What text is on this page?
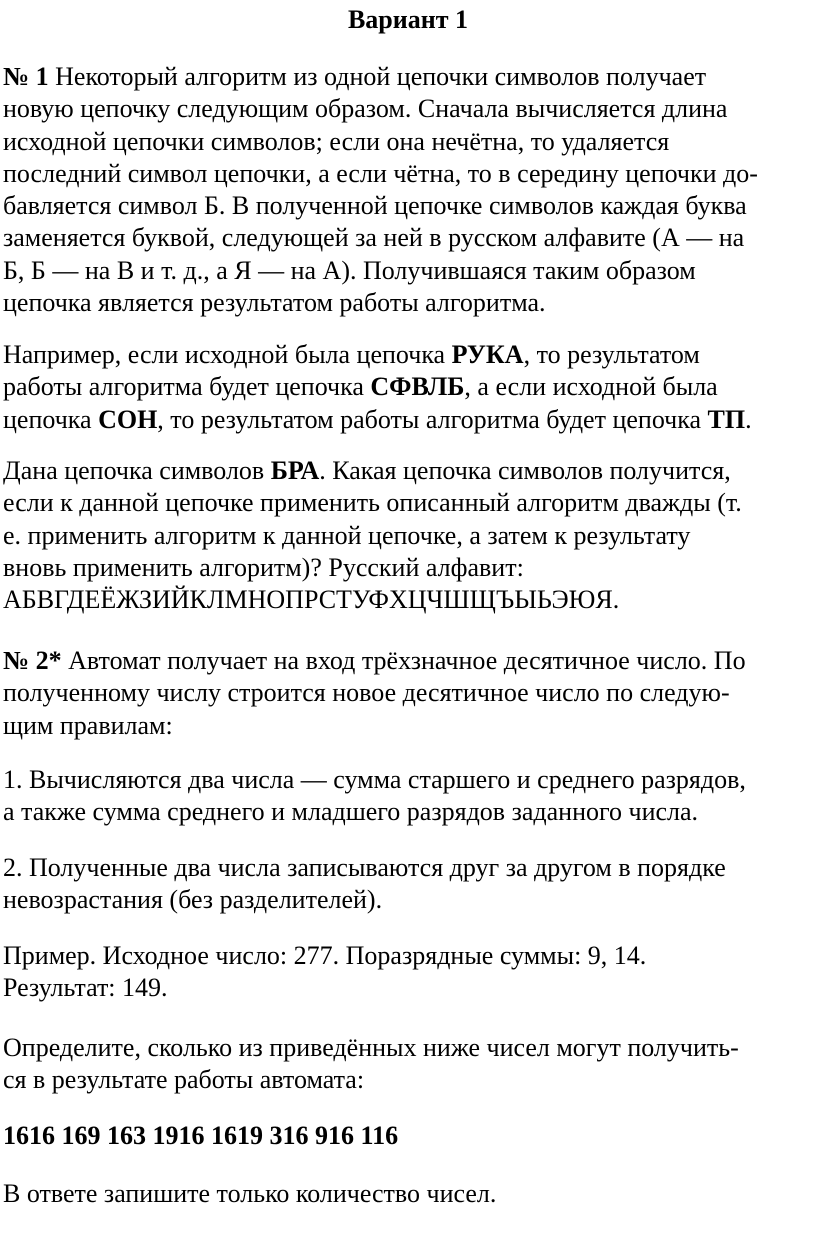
Вариант 1

№ 1 Некоторый алгоритм из одной цепочки символов получает
новую цепочку следующим образом. Сначала вычисляется длина
исходной цепочки символов; если она нечётна, то удаляется
последний символ цепочки, а если чётна, то в середину цепочки до-
бавляется символ Б. В полученной цепочке символов каждая буква
заменяется буквой, следующей за ней в русском алфавите (А — на
Б, Б — на В и т. д., а Я — на А). Получившаяся таким образом
цепочка является результатом работы алгоритма.

Например, если исходной была цепочка РУКА, то результатом
работы алгоритма будет цепочка СФВЛБ, а если исходной была
цепочка СОН, то результатом работы алгоритма будет цепочка ТП.

Дана цепочка символов БРА. Какая цепочка символов получится,
если к данной цепочке применить описанный алгоритм дважды (т.
е. применить алгоритм к данной цепочке, а затем к результату
вновь применить алгоритм)? Русский алфавит:
АБВГДЕЁЖЗИЙКЛМНОПРСТУФХЦЧШЩЪЫЬЭЮЯ.

№ 2* Автомат получает на вход трёхзначное десятичное число. По
полученному числу строится новое десятичное число по следую-
щим правилам:

1. Вычисляются два числа — сумма старшего и среднего разрядов,
а также сумма среднего и младшего разрядов заданного числа.

2. Полученные два числа записываются друг за другом в порядке
невозрастания (без разделителей).

Пример. Исходное число: 277. Поразрядные суммы: 9, 14.
Результат: 149.

Определите, сколько из приведённых ниже чисел могут получить-
ся в результате работы автомата:

1616 169 163 1916 1619 316 916 116

В ответе запишите только количество чисел.
